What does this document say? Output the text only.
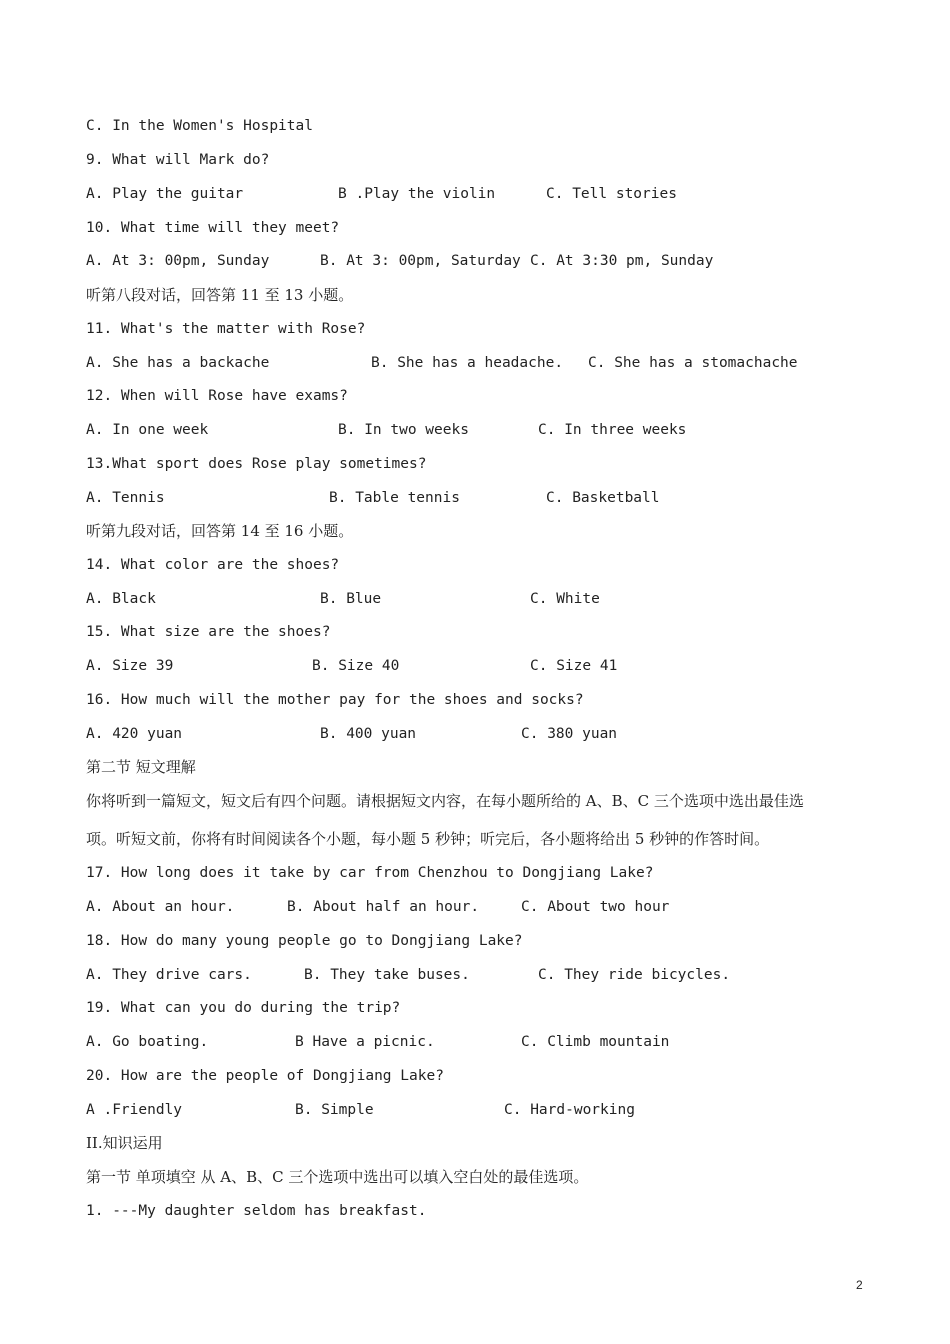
C. In the Women's Hospital
9. What will Mark do?
A. Play the guitar	B .Play the violin	C. Tell stories
10. What time will they meet?
A. At 3: 00pm, Sunday	B. At 3: 00pm, Saturday C. At 3:30 pm, Sunday
听第八段对话，回答第 11 至 13 小题。
11. What's the matter with Rose?
A. She has a backache	B. She has a headache. C. She has a stomachache
12. When will Rose have exams?
A. In one week	B. In two weeks	C. In three weeks
13.What sport does Rose play sometimes?
A. Tennis	B. Table tennis	C. Basketball
听第九段对话，回答第 14 至 16 小题。
14. What color are the shoes?
A. Black	B. Blue	C. White
15. What size are the shoes?
A. Size 39	B. Size 40	C. Size 41
16. How much will the mother pay for the shoes and socks?
A. 420 yuan	B. 400 yuan	C. 380 yuan
第二节 短文理解
你将听到一篇短文，短文后有四个问题。请根据短文内容，在每小题所给的 A、B、C 三个选项中选出最佳选
项。听短文前，你将有时间阅读各个小题，每小题 5 秒钟；听完后，各小题将给出 5 秒钟的作答时间。
17. How long does it take by car from Chenzhou to Dongjiang Lake?
A. About an hour.	B. About half an hour.	C. About two hour
18. How do many young people go to Dongjiang Lake?
A. They drive cars.	B. They take buses.	C. They ride bicycles.
19. What can you do during the trip?
A. Go boating.	B Have a picnic.	C. Climb mountain
20. How are the people of Dongjiang Lake?
A .Friendly	B. Simple	C. Hard-working
II.知识运用
第一节 单项填空 从 A、B、C 三个选项中选出可以填入空白处的最佳选项。
1. ---My daughter seldom has breakfast.
2
